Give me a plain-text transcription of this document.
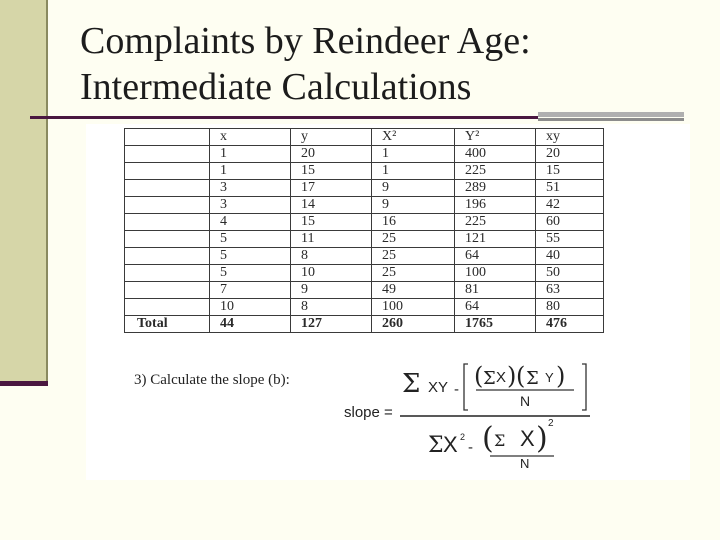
Complaints by Reindeer Age:
Intermediate Calculations
	x	y	X²	Y²	xy
	1	20	1	400	20
	1	15	1	225	15
	3	17	9	289	51
	3	14	9	196	42
	4	15	16	225	60
	5	11	25	121	55
	5	8	25	64	40
	5	10	25	100	50
	7	9	49	81	63
	10	8	100	64	80
Total	44	127	260	1765	476
3) Calculate the slope (b):
slope =
Σ XY - ( Σ X ) ( Σ Y )
N
Σ X 2
- ( Σ X ) 2
N
